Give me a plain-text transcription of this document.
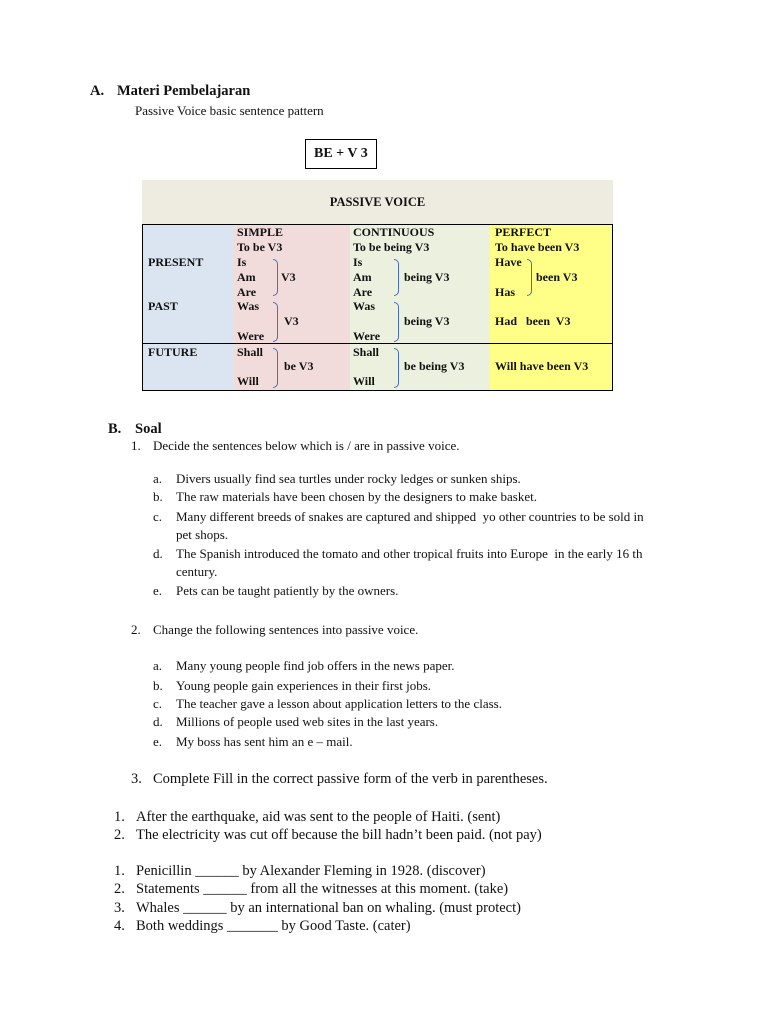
A. Materi Pembelajaran
Passive Voice basic sentence pattern
BE + V 3
PASSIVE VOICE
PRESENT
PAST
FUTURE
SIMPLE
To be V3
Is
Am
Are
V3
Was
Were
V3
Shall
Will
be V3
CONTINUOUS
To be being V3
Is
Am
Are
being V3
Was
Were
being V3
Shall
Will
be being V3
PERFECT
To have been V3
Have
Has
been V3
Had   been  V3
Will have been V3
B. Soal
1. Decide the sentences below which is / are in passive voice.
a. Divers usually find sea turtles under rocky ledges or sunken ships.
b. The raw materials have been chosen by the designers to make basket.
c. Many different breeds of snakes are captured and shipped  yo other countries to be sold in
pet shops.
d. The Spanish introduced the tomato and other tropical fruits into Europe  in the early 16 th
century.
e. Pets can be taught patiently by the owners.
2. Change the following sentences into passive voice.
a. Many young people find job offers in the news paper.
b. Young people gain experiences in their first jobs.
c. The teacher gave a lesson about application letters to the class.
d. Millions of people used web sites in the last years.
e. My boss has sent him an e – mail.
3. Complete Fill in the correct passive form of the verb in parentheses.
1. After the earthquake, aid was sent to the people of Haiti. (sent)
2. The electricity was cut off because the bill hadn’t been paid. (not pay)
1. Penicillin ______ by Alexander Fleming in 1928. (discover)
2. Statements ______ from all the witnesses at this moment. (take)
3. Whales ______ by an international ban on whaling. (must protect)
4. Both weddings _______ by Good Taste. (cater)
